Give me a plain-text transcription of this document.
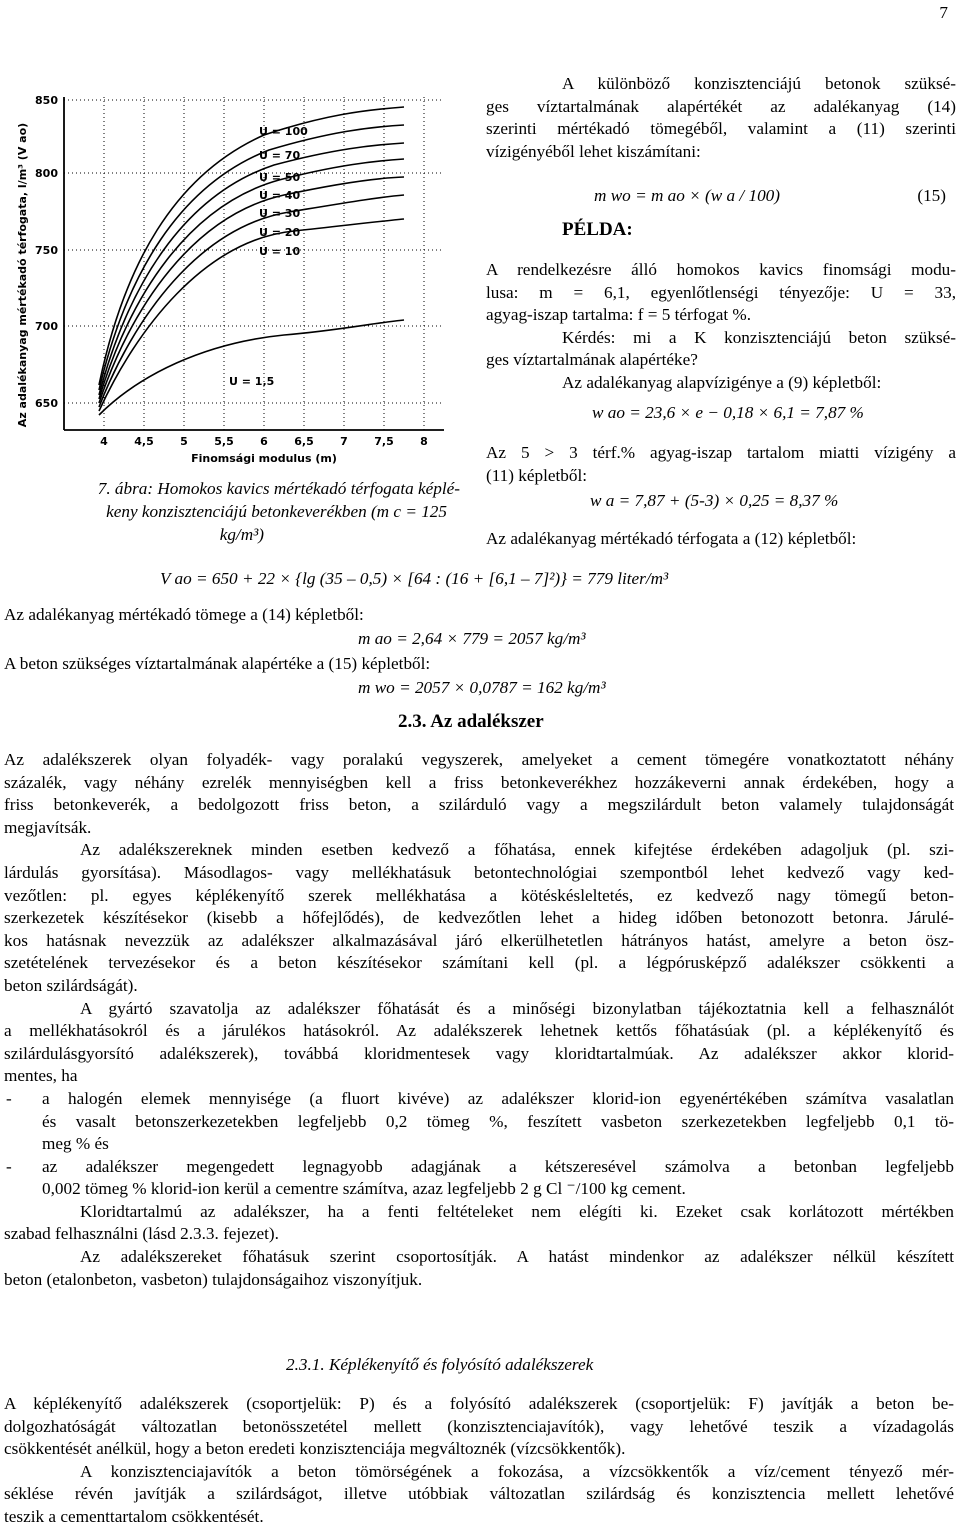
7
U = 100
U = 70
U = 50
U = 40
U = 30
U = 20
U = 10
U = 1,5
850
800
750
700
650
4 4,5 5 5,5 6 6,5 7 7,5 8
Finomsági modulus (m)
Az adalékanyag mértékadó térfogata, l/m³ (V ao)
7. ábra: Homokos kavics mértékadó térfogata képlé-
keny konzisztenciájú betonkeverékben (m c = 125
kg/m³)
A különböző konzisztenciájú betonok szüksé-
ges víztartalmának alapértékét az adalékanyag (14)
szerinti mértékadó tömegéből, valamint a (11) szerinti
vízigényéből lehet kiszámítani:
m wo = m ao × (w a / 100)	(15)
PÉLDA:
A rendelkezésre álló homokos kavics finomsági modu-
lusa: m = 6,1, egyenlőtlenségi tényezője: U = 33,
agyag-iszap tartalma: f = 5 térfogat %.
Kérdés: mi a K konzisztenciájú beton szüksé-
ges víztartalmának alapértéke?
Az adalékanyag alapvízigénye a (9) képletből:
w ao = 23,6 × e − 0,18 × 6,1 = 7,87 %
Az 5 > 3 térf.% agyag-iszap tartalom miatti vízigény a
(11) képletből:
w a = 7,87 + (5-3) × 0,25 = 8,37 %
Az adalékanyag mértékadó térfogata a (12) képletből:
V ao = 650 + 22 × {lg (35 – 0,5) × [64 : (16 + [6,1 – 7]²)} = 779 liter/m³
Az adalékanyag mértékadó tömege a (14) képletből:
m ao = 2,64 × 779 = 2057 kg/m³
A beton szükséges víztartalmának alapértéke a (15) képletből:
m wo = 2057 × 0,0787 = 162 kg/m³
2.3. Az adalékszer
Az adalékszerek olyan folyadék- vagy poralakú vegyszerek, amelyeket a cement tömegére vonatkoztatott néhány
százalék, vagy néhány ezrelék mennyiségben kell a friss betonkeverékhez hozzákeverni annak érdekében, hogy a
friss betonkeverék, a bedolgozott friss beton, a szilárduló vagy a megszilárdult beton valamely tulajdonságát
megjavítsák.
Az adalékszereknek minden esetben kedvező a főhatása, ennek kifejtése érdekében adagoljuk (pl. szi-
lárdulás gyorsítása). Másodlagos- vagy mellékhatásuk betontechnológiai szempontból lehet kedvező vagy ked-
vezőtlen: pl. egyes képlékenyítő szerek mellékhatása a kötéskésleltetés, ez kedvező nagy tömegű beton-
szerkezetek készítésekor (kisebb a hőfejlődés), de kedvezőtlen lehet a hideg időben betonozott betonra. Járulé-
kos hatásnak nevezzük az adalékszer alkalmazásával járó elkerülhetetlen hátrányos hatást, amelyre a beton ösz-
szetételének tervezésekor és a beton készítésekor számítani kell (pl. a légpórusképző adalékszer csökkenti a
beton szilárdságát).
A gyártó szavatolja az adalékszer főhatását és a minőségi bizonylatban tájékoztatnia kell a felhasználót
a mellékhatásokról és a járulékos hatásokról. Az adalékszerek lehetnek kettős főhatásúak (pl. a képlékenyítő és
szilárdulásgyorsító adalékszerek), továbbá kloridmentesek vagy kloridtartalmúak. Az adalékszer akkor klorid-
mentes, ha
- a halogén elemek mennyisége (a fluort kivéve) az adalékszer klorid-ion egyenértékében számítva vasalatlan
és vasalt betonszerkezetekben legfeljebb 0,2 tömeg %, feszített vasbeton szerkezetekben legfeljebb 0,1 tö-
meg % és
- az adalékszer megengedett legnagyobb adagjának a kétszeresével számolva a betonban legfeljebb
0,002 tömeg % klorid-ion kerül a cementre számítva, azaz legfeljebb 2 g Cl ⁻/100 kg cement.
Kloridtartalmú az adalékszer, ha a fenti feltételeket nem elégíti ki. Ezeket csak korlátozott mértékben
szabad felhasználni (lásd 2.3.3. fejezet).
Az adalékszereket főhatásuk szerint csoportosítják. A hatást mindenkor az adalékszer nélkül készített
beton (etalonbeton, vasbeton) tulajdonságaihoz viszonyítjuk.
2.3.1. Képlékenyítő és folyósító adalékszerek
A képlékenyítő adalékszerek (csoportjelük: P) és a folyósító adalékszerek (csoportjelük: F) javítják a beton be-
dolgozhatóságát változatlan betonösszetétel mellett (konzisztenciajavítók), vagy lehetővé teszik a vízadagolás
csökkentését anélkül, hogy a beton eredeti konzisztenciája megváltoznék (vízcsökkentők).
A konzisztenciajavítók a beton tömörségének a fokozása, a vízcsökkentők a víz/cement tényező mér-
séklése révén javítják a szilárdságot, illetve utóbbiak változatlan szilárdság és konzisztencia mellett lehetővé
teszik a cementtartalom csökkentését.
